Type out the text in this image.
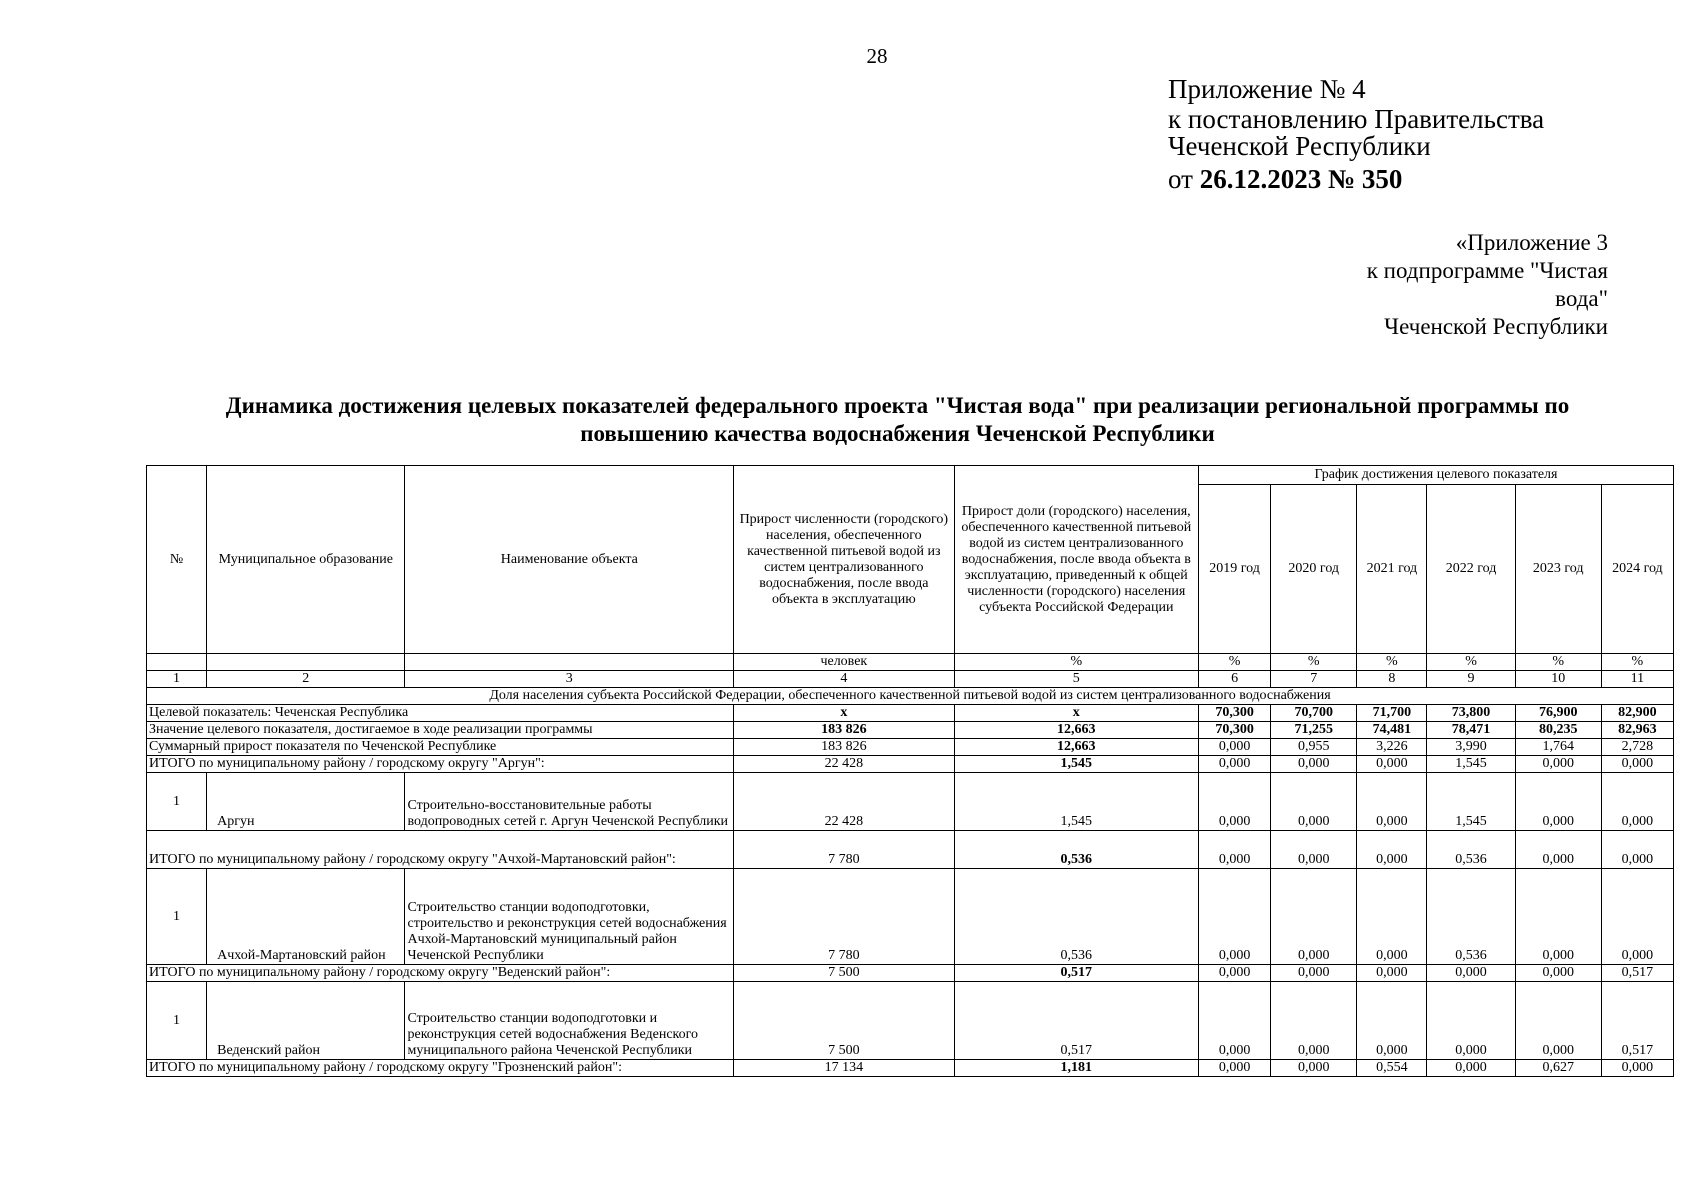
28
Приложение № 4
к постановлению Правительства
Чеченской Республики
от 26.12.2023 № 350
«Приложение 3
к подпрограмме "Чистая
вода"
Чеченской Республики
Динамика достижения целевых показателей федерального проекта "Чистая вода" при реализации региональной программы по
повышению качества водоснабжения Чеченской Республики
№	Муниципальное образование	Наименование объекта	Прирост численности (городского) населения, обеспеченного качественной питьевой водой из систем централизованного водоснабжения, после ввода объекта в эксплуатацию	Прирост доли (городского) населения, обеспеченного качественной питьевой водой из систем централизованного водоснабжения, после ввода объекта в эксплуатацию, приведенный к общей численности (городского) населения субъекта Российской Федерации	График достижения целевого показателя					
					2019 год	2020 год	2021 год	2022 год	2023 год	2024 год
			человек	%	%	%	%	%	%	%
1	2	3	4	5	6	7	8	9	10	11
Доля населения субъекта Российской Федерации, обеспеченного качественной питьевой водой из систем централизованного водоснабжения										
Целевой показатель: Чеченская Республика			х	х	70,300	70,700	71,700	73,800	76,900	82,900
Значение целевого показателя, достигаемое в ходе реализации программы			183 826	12,663	70,300	71,255	74,481	78,471	80,235	82,963
Суммарный прирост показателя по Чеченской Республике			183 826	12,663	0,000	0,955	3,226	3,990	1,764	2,728
ИТОГО по муниципальному району / городскому округу "Аргун":			22 428	1,545	0,000	0,000	0,000	1,545	0,000	0,000
1	Аргун	Строительно-восстановительные работы водопроводных сетей г. Аргун Чеченской Республики	22 428	1,545	0,000	0,000	0,000	1,545	0,000	0,000
ИТОГО по муниципальному району / городскому округу "Ачхой-Мартановский район":			7 780	0,536	0,000	0,000	0,000	0,536	0,000	0,000
1	Ачхой-Мартановский район	Строительство станции водоподготовки, строительство и реконструкция сетей водоснабжения Ачхой-Мартановский муниципальный район Чеченской Республики	7 780	0,536	0,000	0,000	0,000	0,536	0,000	0,000
ИТОГО по муниципальному району / городскому округу "Веденский район":			7 500	0,517	0,000	0,000	0,000	0,000	0,000	0,517
1	Веденский район	Строительство станции водоподготовки и реконструкция сетей водоснабжения Веденского муниципального района Чеченской Республики	7 500	0,517	0,000	0,000	0,000	0,000	0,000	0,517
ИТОГО по муниципальному району / городскому округу "Грозненский район":			17 134	1,181	0,000	0,000	0,554	0,000	0,627	0,000
